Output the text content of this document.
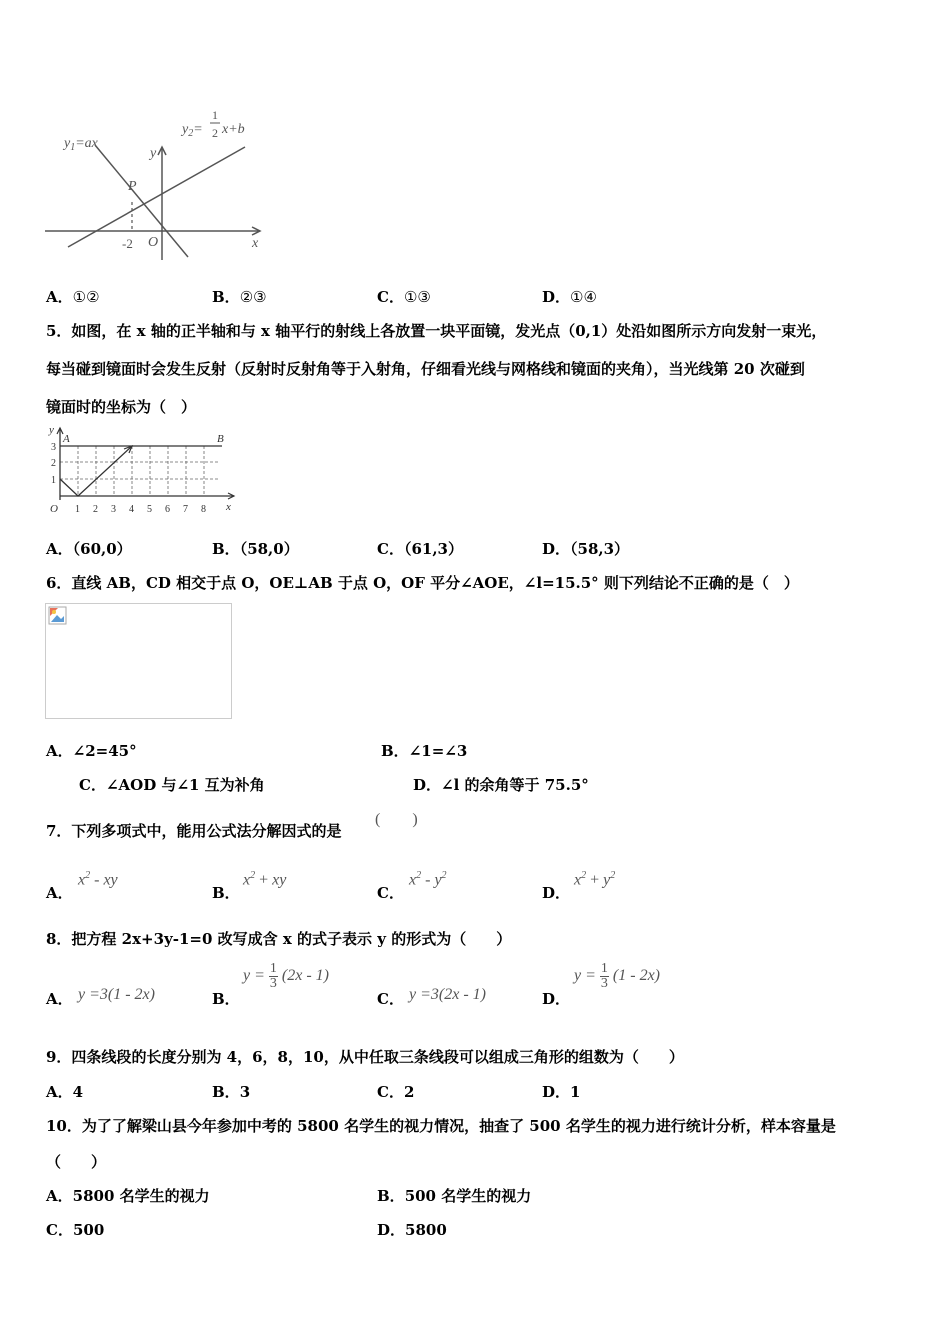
$y_1=ax$
$y_2=$
1
2 x+b
P
-2 O	x
y
A．①②	B．②③	C．①③	D．①④
5．如图，在 x 轴的正半轴和与 x 轴平行的射线上各放置一块平面镜，发光点（0,1）处沿如图所示方向发射一束光，
每当碰到镜面时会发生反射（反射时反射角等于入射角，仔细看光线与网格线和镜面的夹角），当光线第 20 次碰到
镜面时的坐标为（　）
y
A	B
3
2
1
O 1 2 3 4 5 6 7 8 x
A．（60,0）	B．（58,0）	C．（61,3）	D．（58,3）
6．直线 AB，CD 相交于点 O，OE⊥AB 于点 O，OF 平分∠AOE，∠l=15.5° 则下列结论不正确的是（　）
A．∠2=45°	B．∠1=∠3
C．∠AOD 与∠1 互为补角	D．∠l 的余角等于 75.5°
7．下列多项式中，能用公式法分解因式的是
(　　)
A．
$x^2$ - xy
B．
$x^2$ + xy
C．
$x^2 - y^2$
D．
$x^2 + y^2$
8．把方程 2x+3y-1=0 改写成含 x 的式子表示 y 的形式为（　　）
A． y =3(1 - 2x)	B．
$y = \frac{1}{3} (2x - 1)$
C． y =3(2x - 1)	D．
$y = \frac{1}{3} (1 - 2x)$
9．四条线段的长度分别为 4，6，8，10，从中任取三条线段可以组成三角形的组数为（　　）
A．4	B．3	C．2	D．1
10．为了了解梁山县今年参加中考的 5800 名学生的视力情况，抽查了 500 名学生的视力进行统计分析，样本容量是
（　　）
A．5800 名学生的视力	B．500 名学生的视力
C．500	D．5800
